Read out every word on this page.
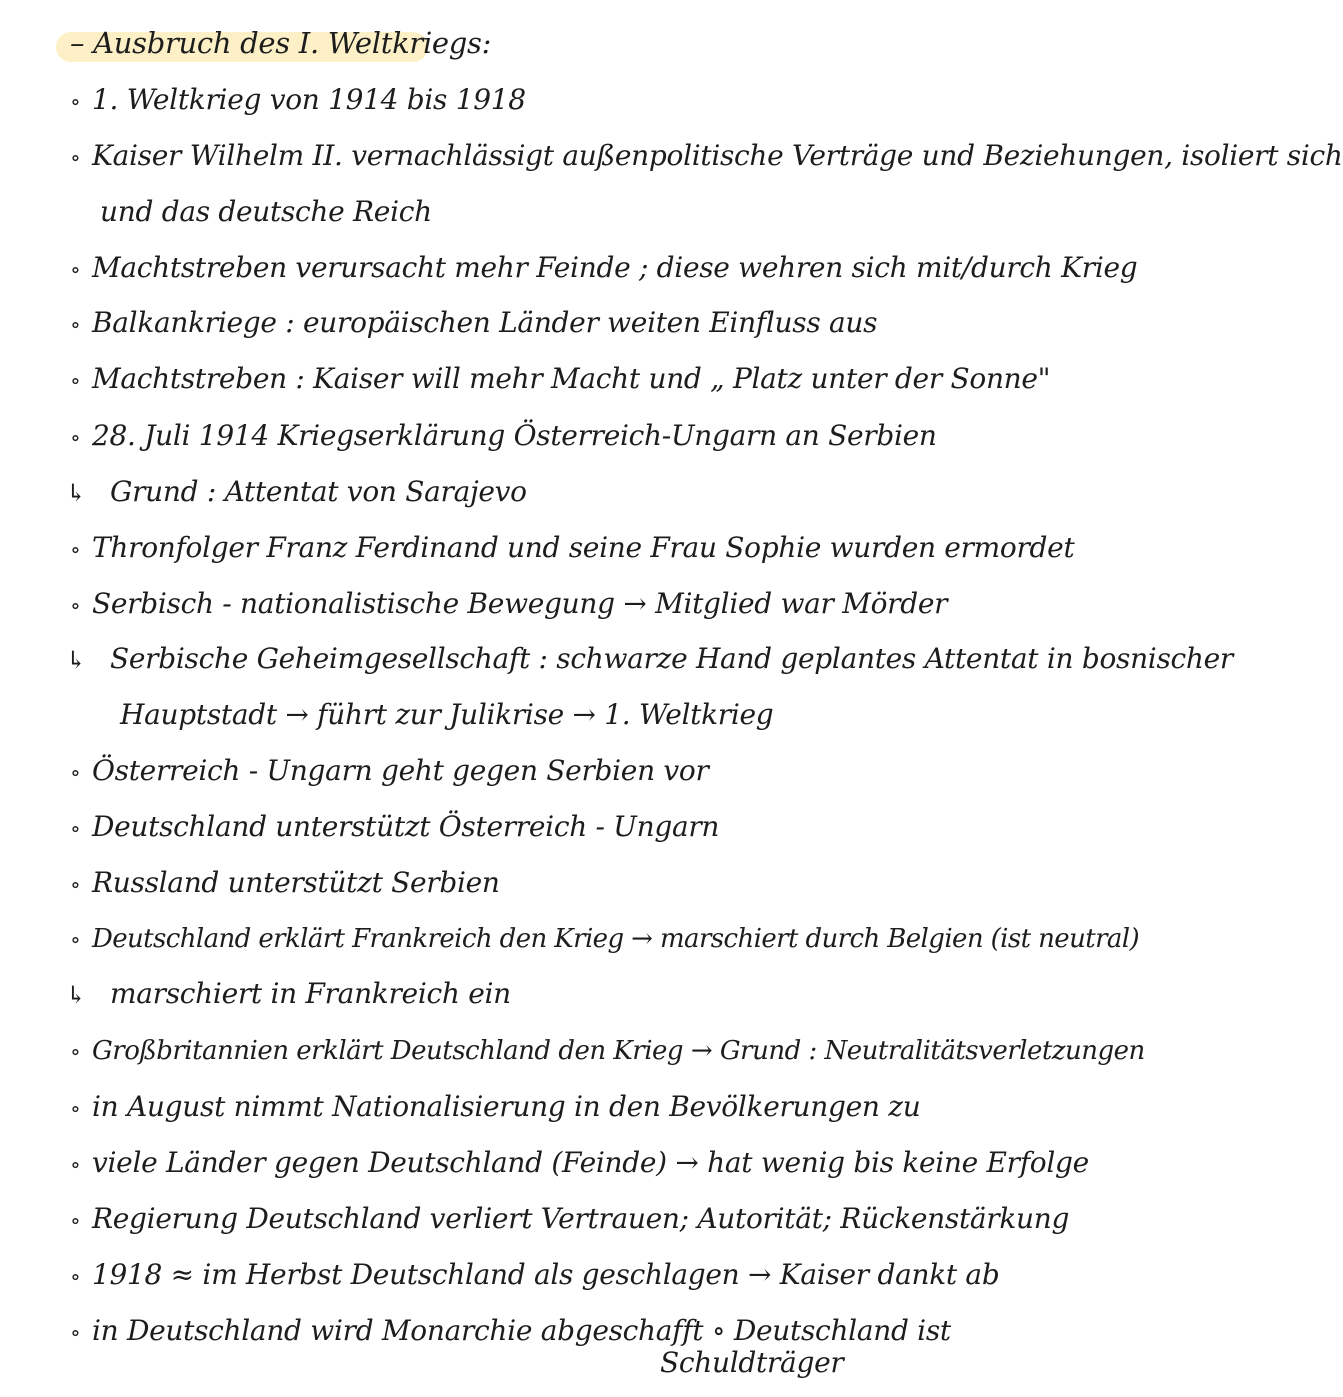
– Ausbruch des I. Weltkriegs:
∘ 1. Weltkrieg von 1914 bis 1918
∘ Kaiser Wilhelm II. vernachlässigt außenpolitische Verträge und Beziehungen, isoliert sich
und das deutsche Reich
∘ Machtstreben verursacht mehr Feinde ; diese wehren sich mit/durch Krieg
∘ Balkankriege : europäischen Länder weiten Einfluss aus
∘ Machtstreben : Kaiser will mehr Macht und „ Platz unter der Sonne"
∘ 28. Juli 1914 Kriegserklärung Österreich-Ungarn an Serbien
↳ Grund : Attentat von Sarajevo
∘ Thronfolger Franz Ferdinand und seine Frau Sophie wurden ermordet
∘ Serbisch - nationalistische Bewegung → Mitglied war Mörder
↳ Serbische Geheimgesellschaft : schwarze Hand geplantes Attentat in bosnischer
Hauptstadt → führt zur Julikrise → 1. Weltkrieg
∘ Österreich - Ungarn geht gegen Serbien vor
∘ Deutschland unterstützt Österreich - Ungarn
∘ Russland unterstützt Serbien
∘ Deutschland erklärt Frankreich den Krieg → marschiert durch Belgien (ist neutral)
↳ marschiert in Frankreich ein
∘ Großbritannien erklärt Deutschland den Krieg → Grund : Neutralitätsverletzungen
∘ in August nimmt Nationalisierung in den Bevölkerungen zu
∘ viele Länder gegen Deutschland (Feinde) → hat wenig bis keine Erfolge
∘ Regierung Deutschland verliert Vertrauen; Autorität; Rückenstärkung
∘ 1918 ≈ im Herbst Deutschland als geschlagen → Kaiser dankt ab
∘ in Deutschland wird Monarchie abgeschafft ∘ Deutschland ist
Schuldträger
